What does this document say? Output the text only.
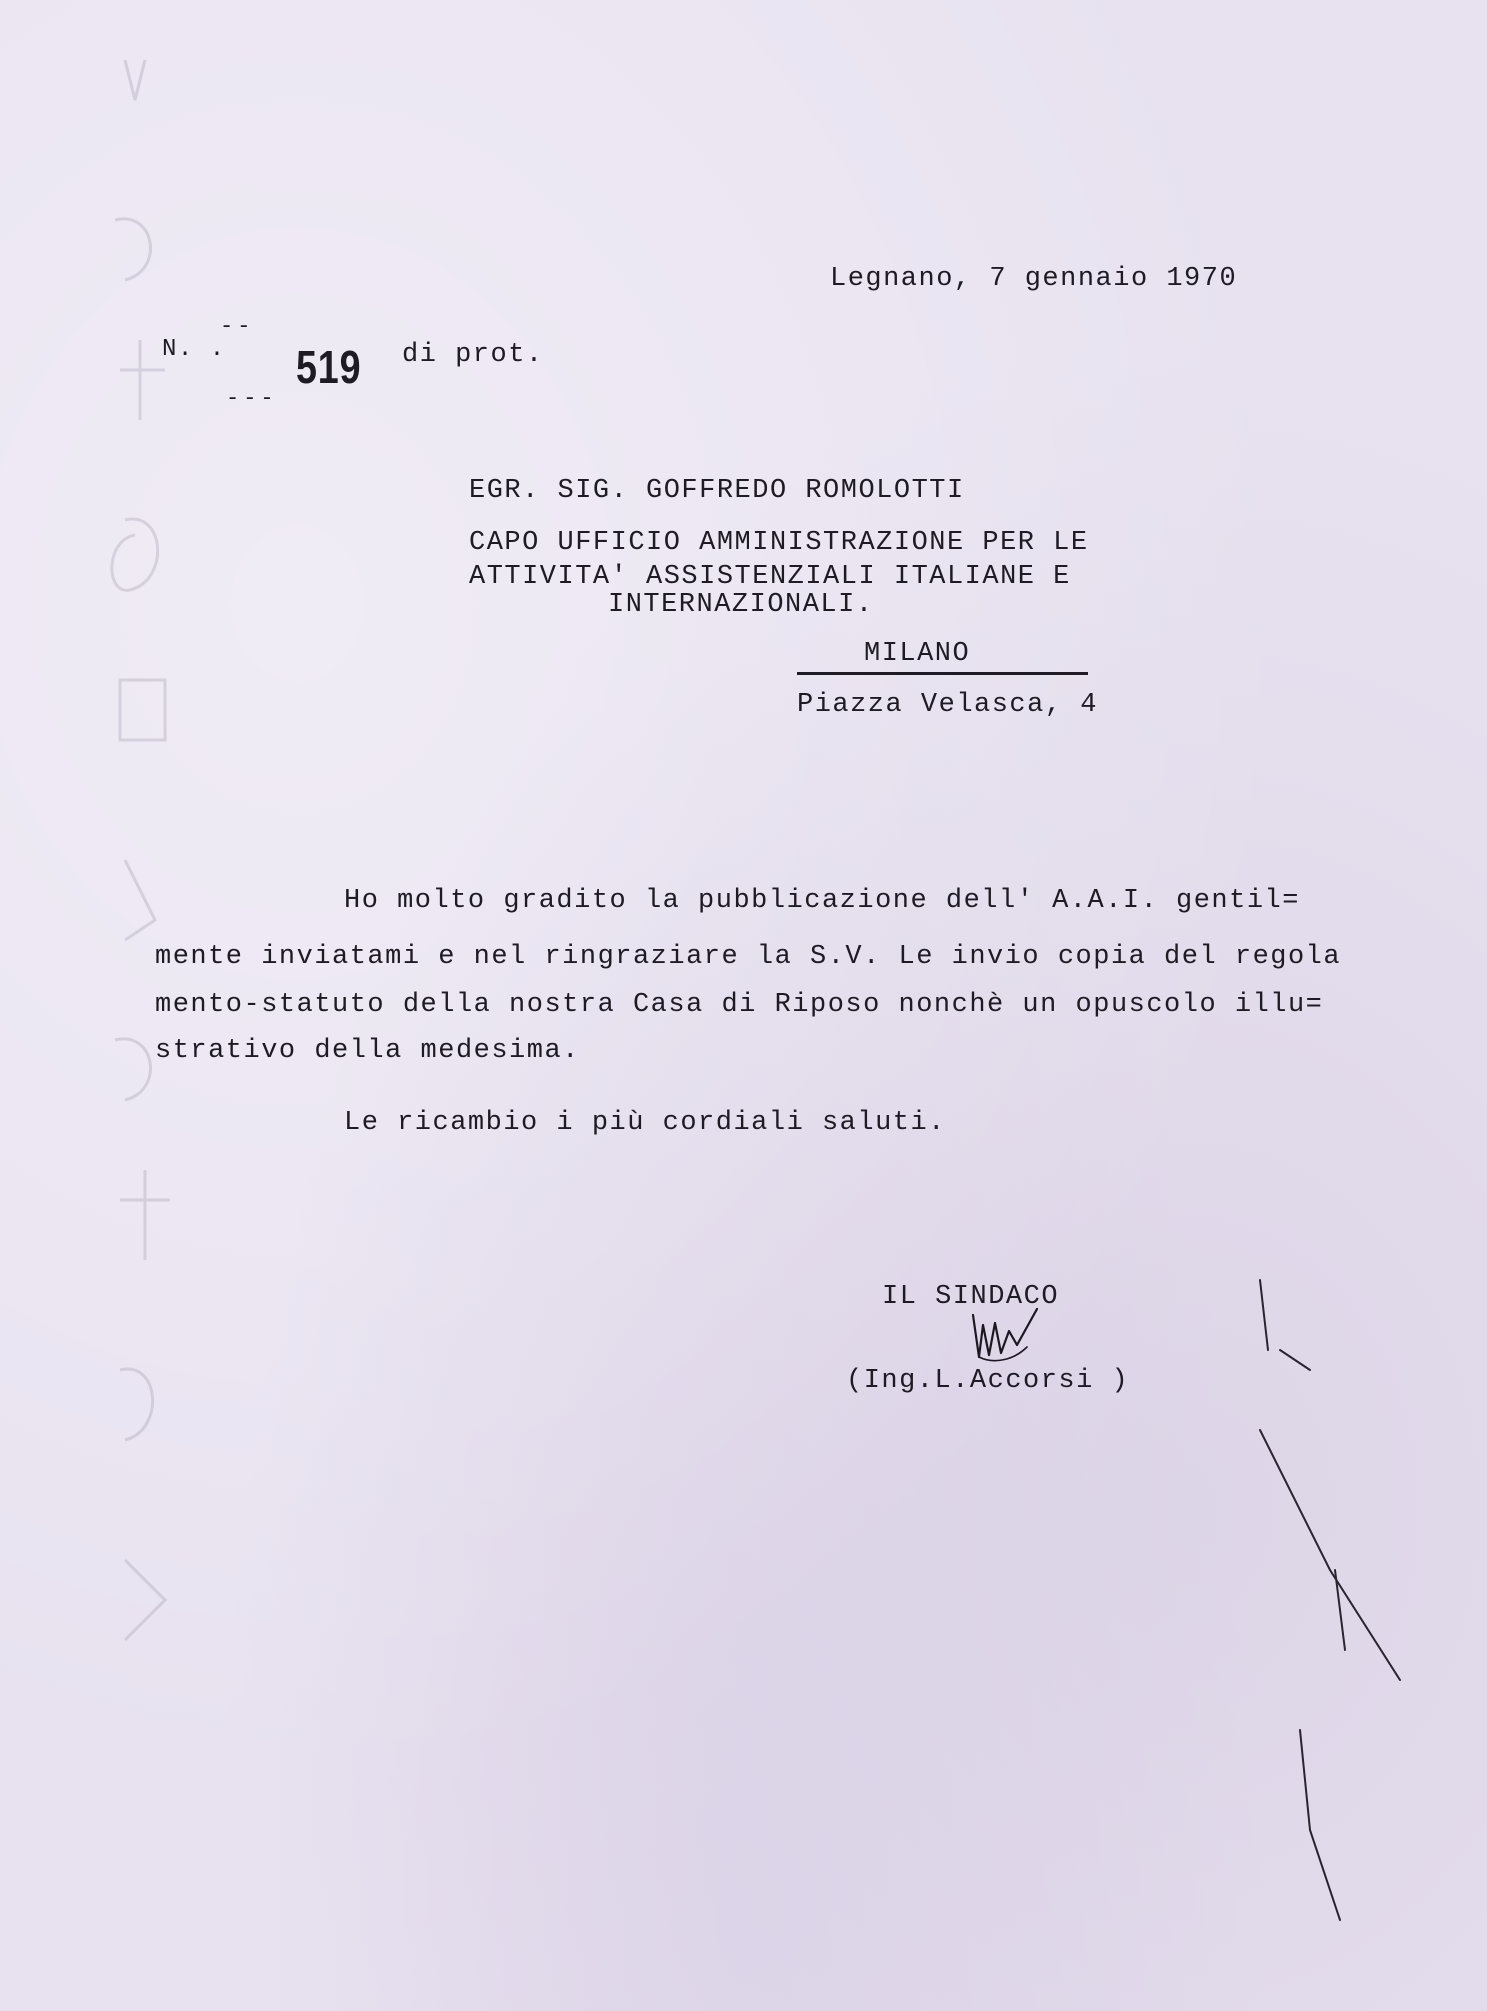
Legnano, 7 gennaio 1970
--
N. . 519 di prot.
---
EGR. SIG. GOFFREDO ROMOLOTTI
CAPO UFFICIO AMMINISTRAZIONE PER LE
ATTIVITA' ASSISTENZIALI ITALIANE E
INTERNAZIONALI.
MILANO
Piazza Velasca, 4
Ho molto gradito la pubblicazione dell' A.A.I. gentil=
mente inviatami e nel ringraziare la S.V. Le invio copia del regola
mento-statuto della nostra Casa di Riposo nonchè un opuscolo illu=
strativo della medesima.
Le ricambio i più cordiali saluti.
IL SINDACO
(Ing.L.Accorsi )
